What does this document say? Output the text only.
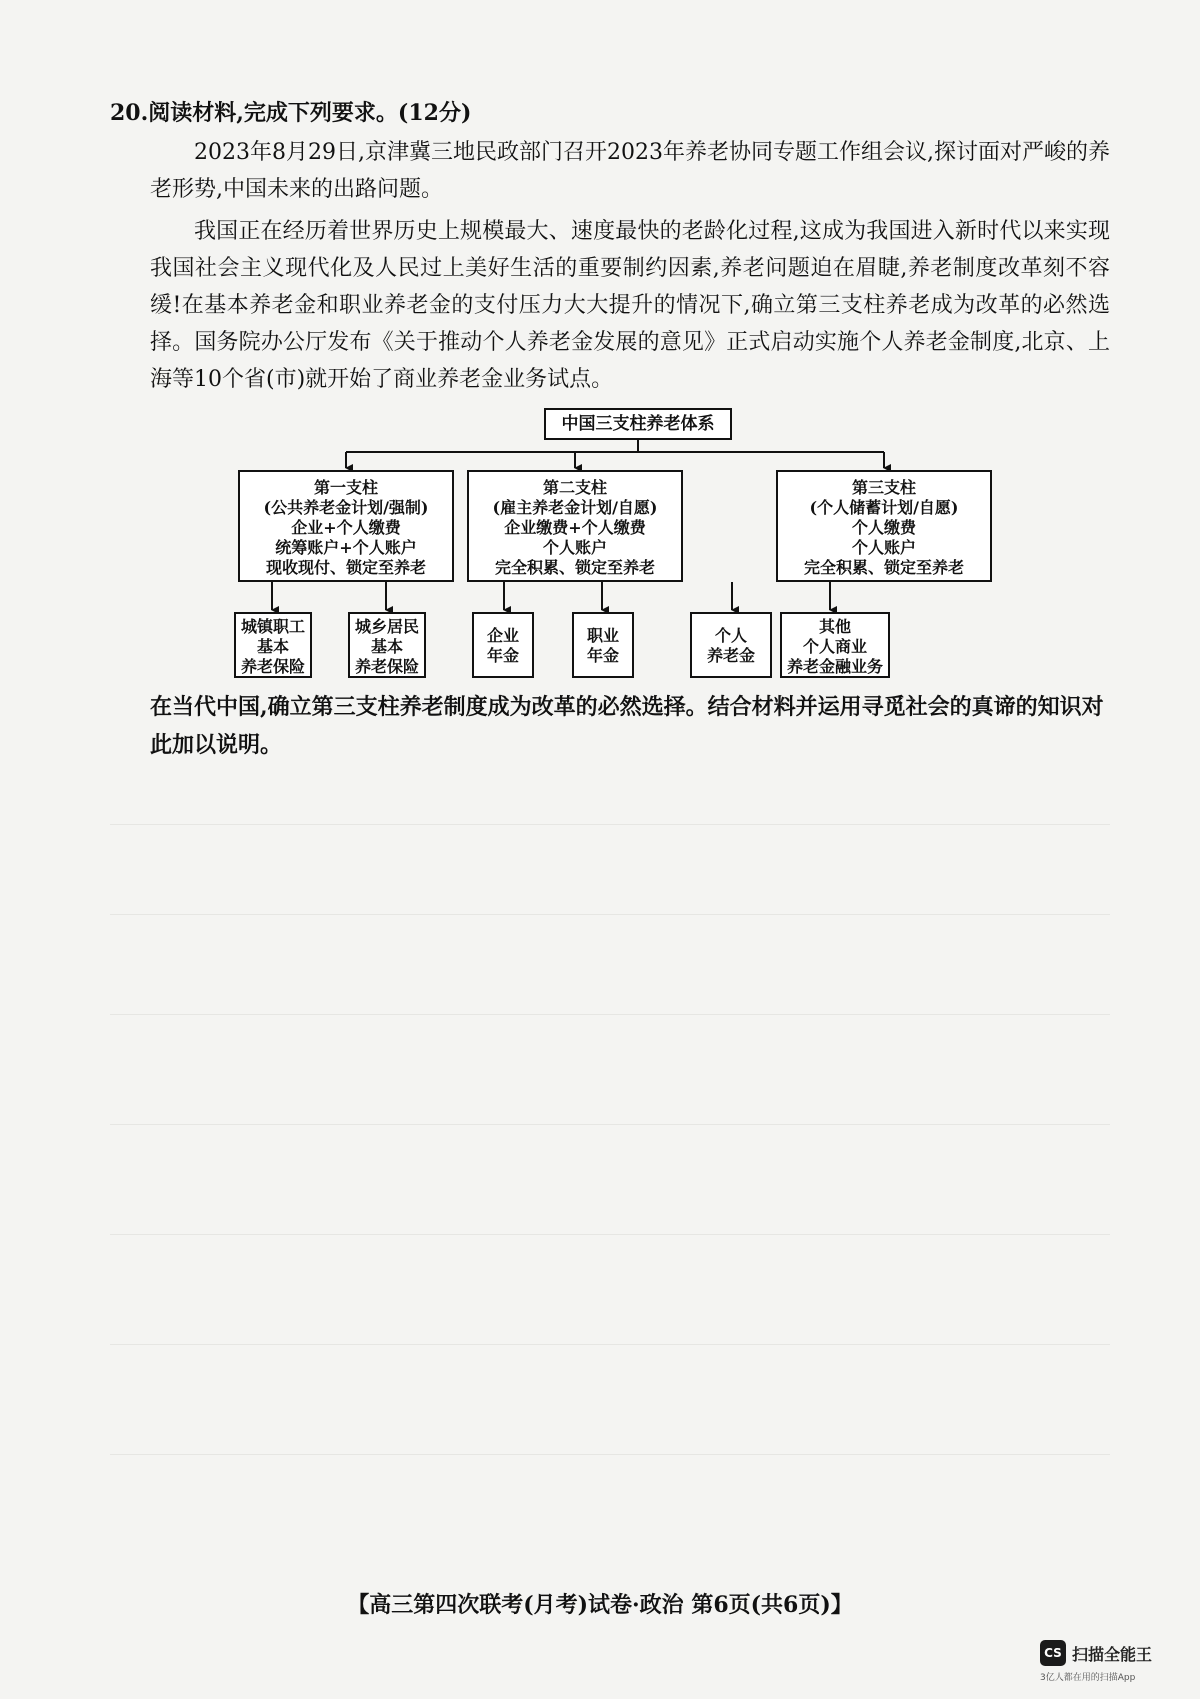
20.阅读材料,完成下列要求。(12分)
2023年8月29日,京津冀三地民政部门召开2023年养老协同专题工作组会议,探讨面对严峻的养老形势,中国未来的出路问题。
我国正在经历着世界历史上规模最大、速度最快的老龄化过程,这成为我国进入新时代以来实现我国社会主义现代化及人民过上美好生活的重要制约因素,养老问题迫在眉睫,养老制度改革刻不容缓!在基本养老金和职业养老金的支付压力大大提升的情况下,确立第三支柱养老成为改革的必然选择。国务院办公厅发布《关于推动个人养老金发展的意见》正式启动实施个人养老金制度,北京、上海等10个省(市)就开始了商业养老金业务试点。
中国三支柱养老体系
第一支柱
(公共养老金计划/强制)
企业+个人缴费
统筹账户+个人账户
现收现付、锁定至养老
第二支柱
(雇主养老金计划/自愿)
企业缴费+个人缴费
个人账户
完全积累、锁定至养老
第三支柱
(个人储蓄计划/自愿)
个人缴费
个人账户
完全积累、锁定至养老
城镇职工
基本
养老保险
城乡居民
基本
养老保险
企业
年金
职业
年金
个人
养老金
其他
个人商业
养老金融业务
在当代中国,确立第三支柱养老制度成为改革的必然选择。结合材料并运用寻觅社会的真谛的知识对此加以说明。
【高三第四次联考(月考)试卷·政治 第6页(共6页)】
CS 扫描全能王
3亿人都在用的扫描App
